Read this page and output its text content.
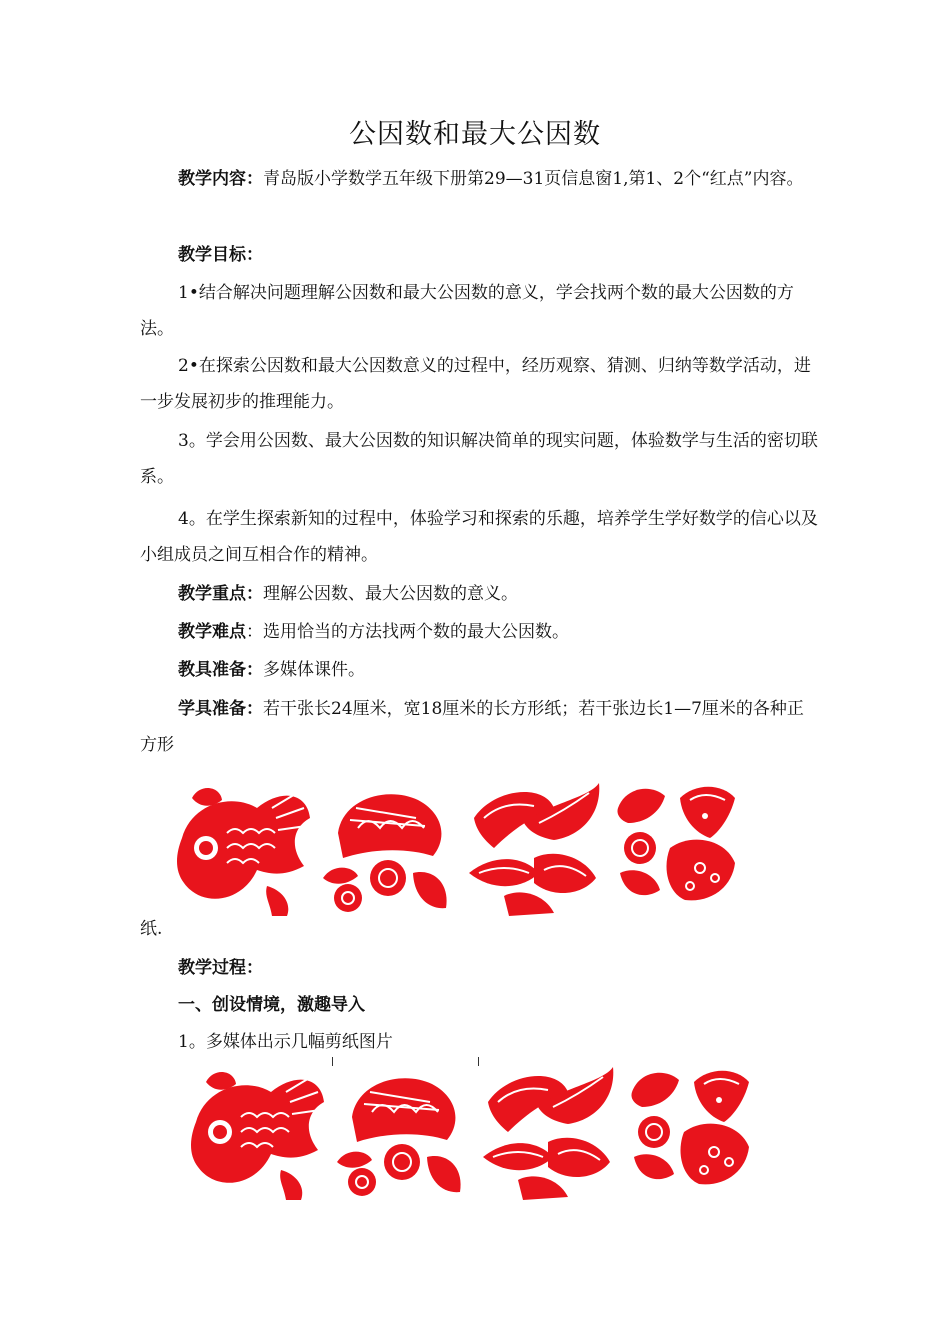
公因数和最大公因数

教学内容：青岛版小学数学五年级下册第29—31页信息窗1,第1、2个“红点”内容。

教学目标：

1•结合解决问题理解公因数和最大公因数的意义，学会找两个数的最大公因数的方法。

2•在探索公因数和最大公因数意义的过程中，经历观察、猜测、归纳等数学活动，进一步发展初步的推理能力。

3。学会用公因数、最大公因数的知识解决简单的现实问题，体验数学与生活的密切联系。

4。在学生探索新知的过程中，体验学习和探索的乐趣，培养学生学好数学的信心以及小组成员之间互相合作的精神。

教学重点：理解公因数、最大公因数的意义。

教学难点：选用恰当的方法找两个数的最大公因数。

教具准备：多媒体课件。

学具准备：若干张长24厘米，宽18厘米的长方形纸；若干张边长1—7厘米的各种正方形

纸.

教学过程：

一、创设情境，激趣导入

1。多媒体出示几幅剪纸图片
